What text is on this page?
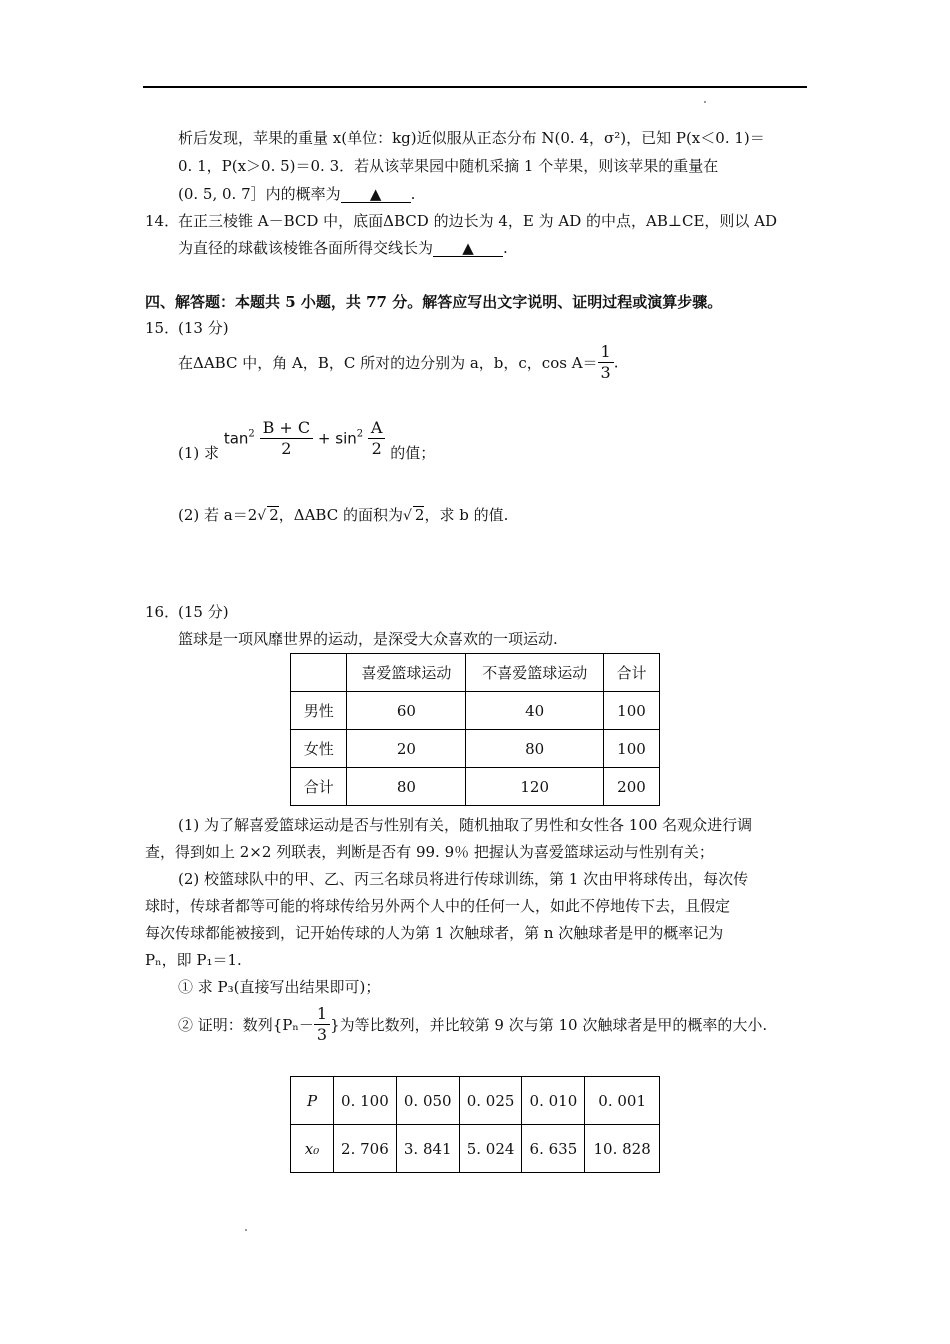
析后发现，苹果的重量 x(单位：kg)近似服从正态分布 N(0. 4，σ²)，已知 P(x＜0. 1)＝
0. 1，P(x＞0. 5)＝0. 3．若从该苹果园中随机采摘 1 个苹果，则该苹果的重量在
(0. 5, 0. 7］内的概率为 ▲ .
14．
在正三棱锥 A－BCD 中，底面ΔBCD 的边长为 4，E 为 AD 的中点，AB⊥CE，则以 AD
为直径的球截该棱锥各面所得交线长为 ▲ .
四、解答题：本题共 5 小题，共 77 分。解答应写出文字说明、证明过程或演算步骤。
15．
(13 分)
在ΔABC 中，角 A，B，C 所对的边分别为 a，b，c，$\cos A= \frac{1}{3}$ .
(1) 求 $\tan^2 \frac{B + C}{2} + \sin^2 \frac{A}{2}$ 的值；
(2) 若 a＝2√ 2，ΔABC 的面积为√ 2，求 b 的值.
16．
(15 分)
篮球是一项风靡世界的运动，是深受大众喜欢的一项运动.
	喜爱篮球运动	不喜爱篮球运动	合计
男性	60	40	100
女性	20	80	100
合计	80	120	200
(1) 为了解喜爱篮球运动是否与性别有关，随机抽取了男性和女性各 100 名观众进行调
查，得到如上 2×2 列联表，判断是否有 99. 9％ 把握认为喜爱篮球运动与性别有关；
(2) 校篮球队中的甲、乙、丙三名球员将进行传球训练，第 1 次由甲将球传出，每次传
球时，传球者都等可能的将球传给另外两个人中的任何一人，如此不停地传下去，且假定
每次传球都能被接到，记开始传球的人为第 1 次触球者，第 n 次触球者是甲的概率记为
Pₙ，即 P₁＝1.
① 求 P₃(直接写出结果即可)；
② 证明：数列{$P_n- \frac{1}{3}$ }为等比数列，并比较第 9 次与第 10 次触球者是甲的概率的大小.
P	0. 100	0. 050	0. 025	0. 010	0. 001
x₀	2. 706	3. 841	5. 024	6. 635	10. 828
